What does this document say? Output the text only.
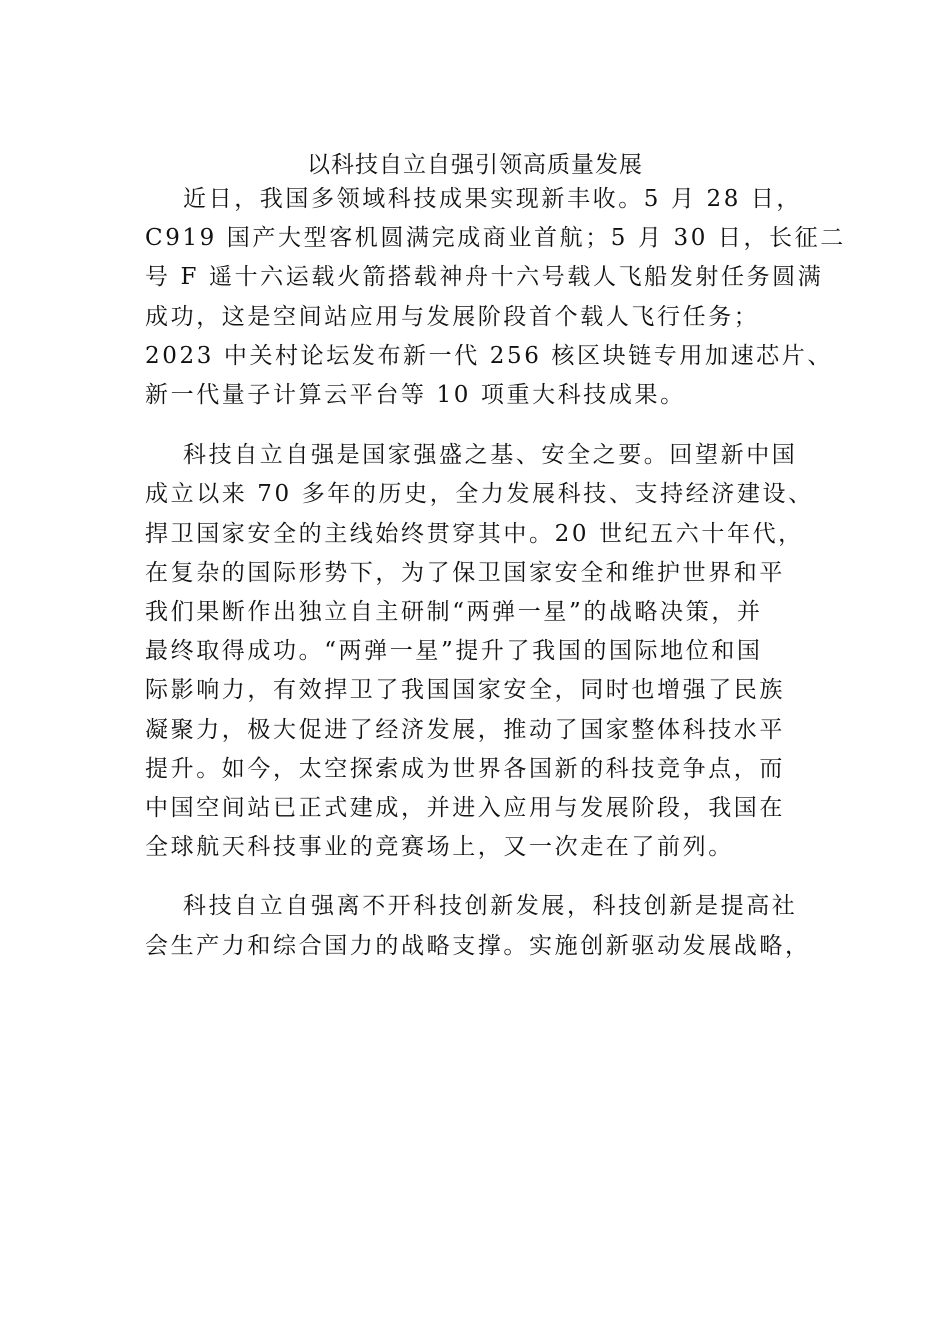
以科技自立自强引领高质量发展

近日，我国多领域科技成果实现新丰收。5 月 28 日，
C919 国产大型客机圆满完成商业首航；5 月 30 日，长征二
号 F 遥十六运载火箭搭载神舟十六号载人飞船发射任务圆满
成功，这是空间站应用与发展阶段首个载人飞行任务；
2023 中关村论坛发布新一代 256 核区块链专用加速芯片、
新一代量子计算云平台等 10 项重大科技成果。

科技自立自强是国家强盛之基、安全之要。回望新中国
成立以来 70 多年的历史，全力发展科技、支持经济建设、
捍卫国家安全的主线始终贯穿其中。20 世纪五六十年代，
在复杂的国际形势下，为了保卫国家安全和维护世界和平
我们果断作出独立自主研制“两弹一星”的战略决策，并
最终取得成功。“两弹一星”提升了我国的国际地位和国
际影响力，有效捍卫了我国国家安全，同时也增强了民族
凝聚力，极大促进了经济发展，推动了国家整体科技水平
提升。如今，太空探索成为世界各国新的科技竞争点，而
中国空间站已正式建成，并进入应用与发展阶段，我国在
全球航天科技事业的竞赛场上，又一次走在了前列。

科技自立自强离不开科技创新发展，科技创新是提高社
会生产力和综合国力的战略支撑。实施创新驱动发展战略，
